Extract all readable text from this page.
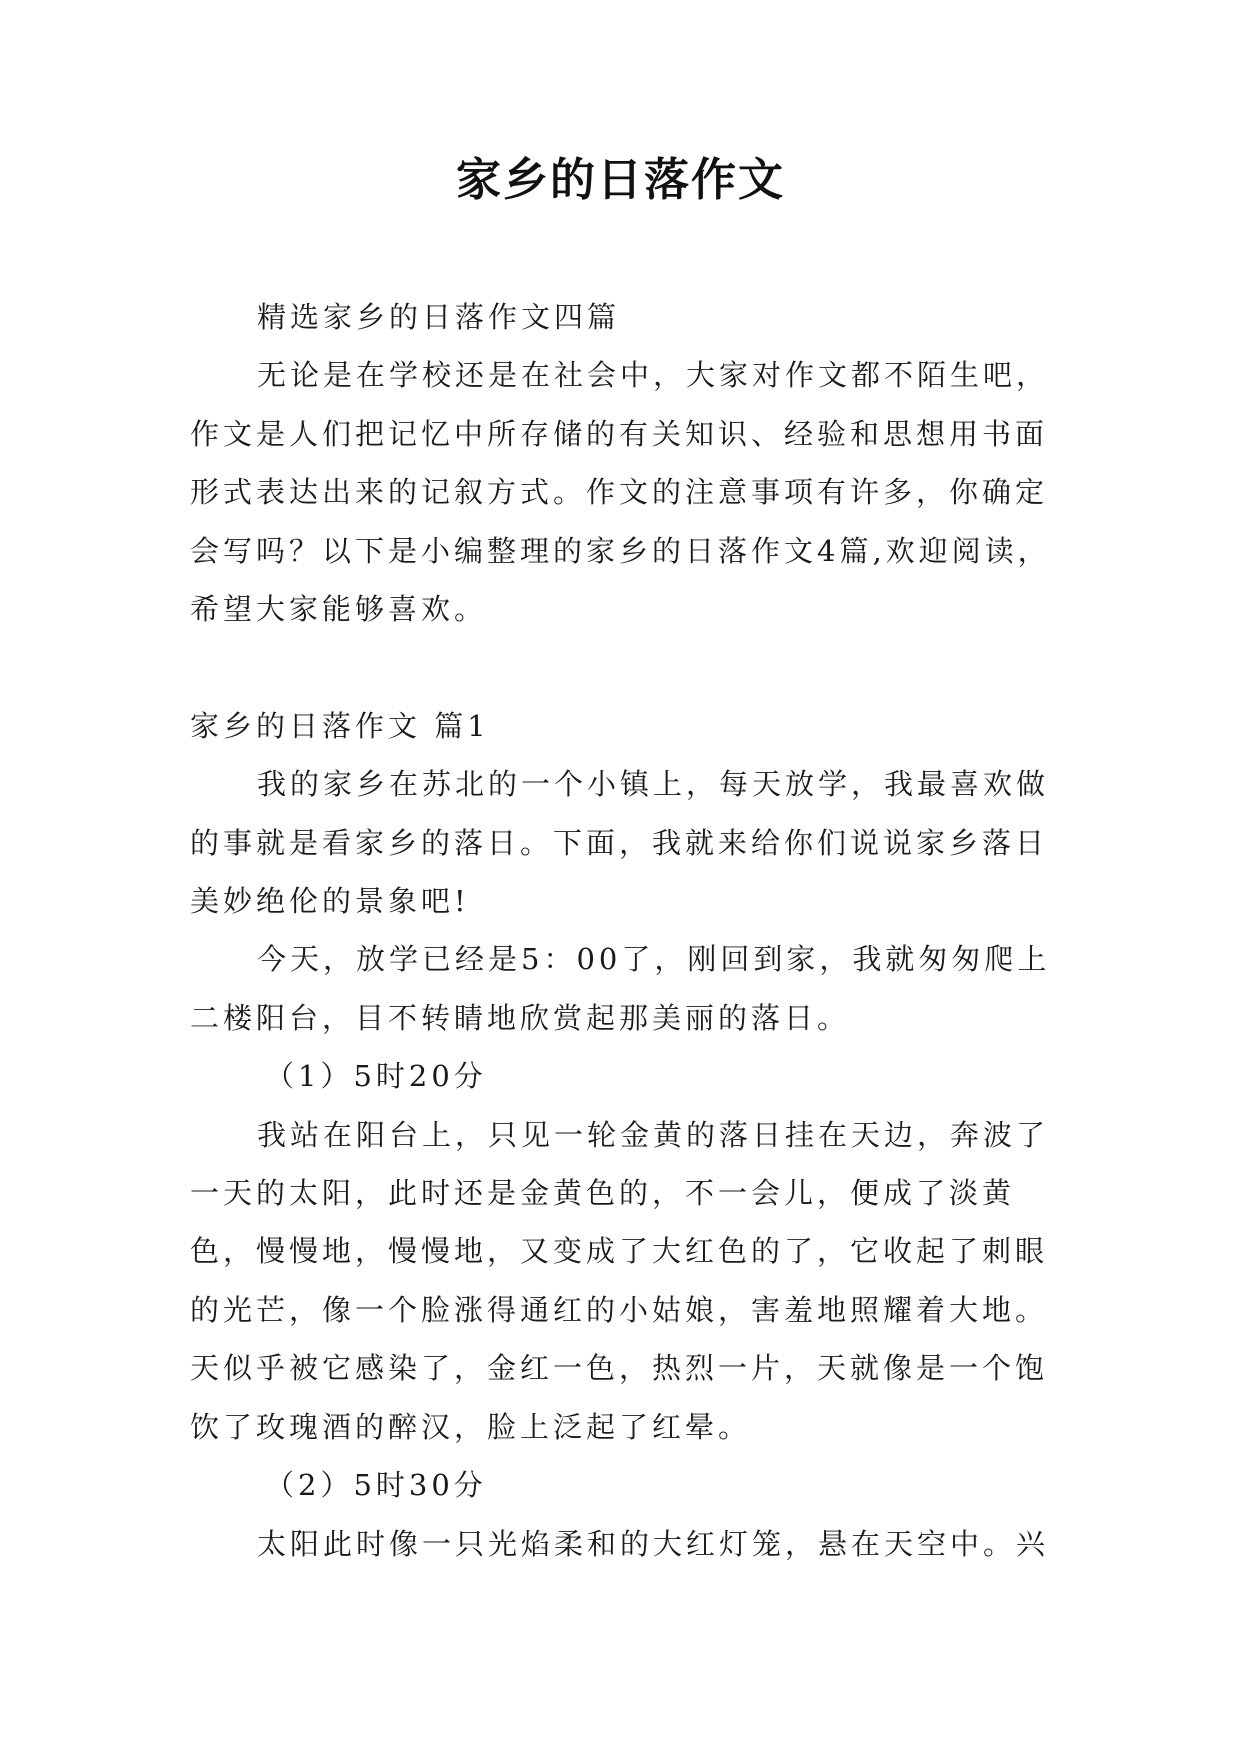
家乡的日落作文

精选家乡的日落作文四篇

无论是在学校还是在社会中，大家对作文都不陌生吧，作文是人们把记忆中所存储的有关知识、经验和思想用书面形式表达出来的记叙方式。作文的注意事项有许多，你确定会写吗？以下是小编整理的家乡的日落作文4篇,欢迎阅读，希望大家能够喜欢。

家乡的日落作文 篇1

我的家乡在苏北的一个小镇上，每天放学，我最喜欢做的事就是看家乡的落日。下面，我就来给你们说说家乡落日美妙绝伦的景象吧!

今天，放学已经是5：00了，刚回到家，我就匆匆爬上二楼阳台，目不转睛地欣赏起那美丽的落日。

（1）5时20分

我站在阳台上，只见一轮金黄的落日挂在天边，奔波了一天的太阳，此时还是金黄色的，不一会儿，便成了淡黄色，慢慢地，慢慢地，又变成了大红色的了，它收起了刺眼的光芒，像一个脸涨得通红的小姑娘，害羞地照耀着大地。天似乎被它感染了，金红一色，热烈一片，天就像是一个饱饮了玫瑰酒的醉汉，脸上泛起了红晕。

（2）5时30分

太阳此时像一只光焰柔和的大红灯笼，悬在天空中。兴
